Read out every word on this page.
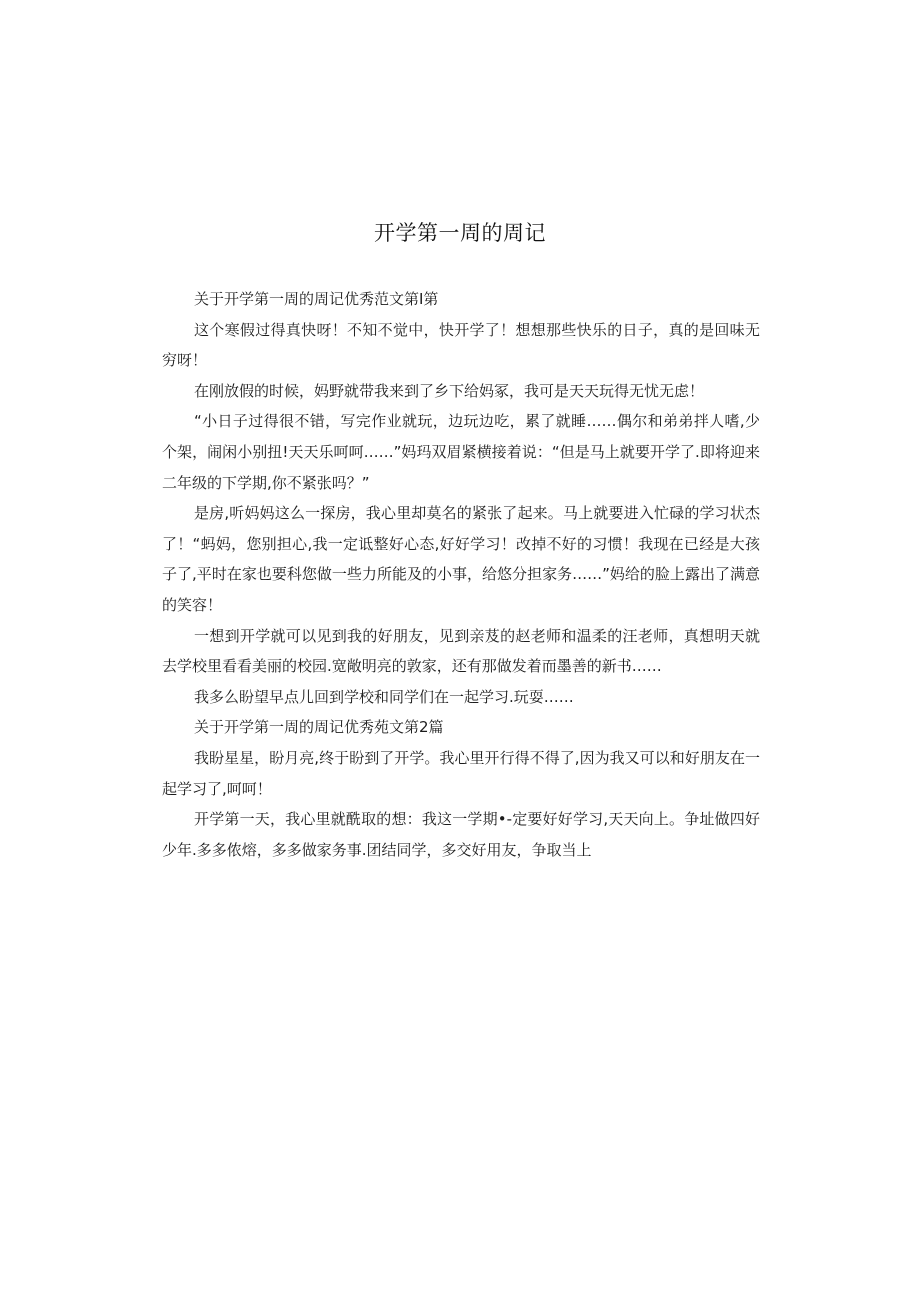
开学第一周的周记

关于开学第一周的周记优秀范文第I第

这个寒假过得真快呀！不知不觉中，快开学了！想想那些快乐的日子，真的是回味无穷呀！

在刚放假的时候，妈野就带我来到了乡下给妈冢，我可是天天玩得无忧无虑！

“小日子过得很不错，写完作业就玩，边玩边吃，累了就睡……偶尔和弟弟拌人嗜,少个架，闹闲小别扭!天天乐呵呵……”妈玛双眉紧横接着说：“但是马上就要开学了.即将迎来二年级的下学期,你不紧张吗？”

是房,听妈妈这么一探房，我心里却莫名的紧张了起来。马上就要进入忙碌的学习状杰了！“蚂妈，您别担心,我一定诋整好心态,好好学习！改掉不好的习惯！我现在已经是大孩子了,平时在家也要科您做一些力所能及的小事，给悠分担家务……”妈给的脸上露出了满意的笑容！

一想到开学就可以见到我的好朋友，见到亲芨的赵老师和温柔的汪老师，真想明天就去学校里看看美丽的校园.宽敞明亮的敦家，还有那做发着而墨善的新书……

我多么盼望早点儿回到学校和同学们在一起学习.玩耍……

关于开学第一周的周记优秀苑文第2篇

我盼星星，盼月亮,终于盼到了开学。我心里开行得不得了,因为我又可以和好朋友在一起学习了,呵呵！

开学第一天，我心里就酰取的想：我这一学期•-定要好好学习,天天向上。争址做四好少年.多多侬熔，多多做家务事.团结同学，多交好用友，争取当上
